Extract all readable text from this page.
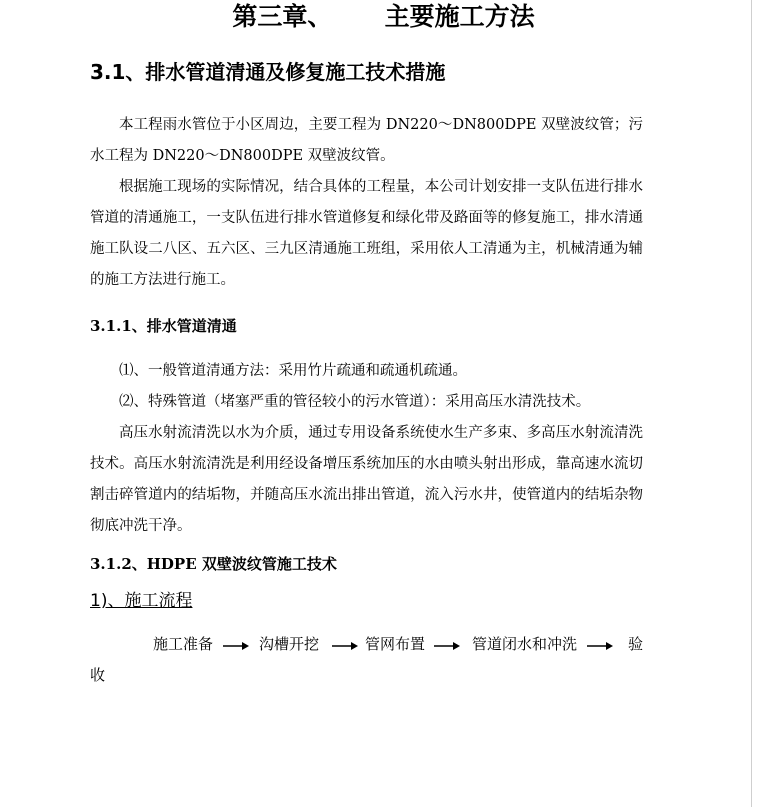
第三章、      主要施工方法
3.1、排水管道清通及修复施工技术措施
本工程雨水管位于小区周边，主要工程为 DN220～DN800DPE 双壁波纹管；污水工程为 DN220～DN800DPE 双壁波纹管。
根据施工现场的实际情况，结合具体的工程量，本公司计划安排一支队伍进行排水管道的清通施工，一支队伍进行排水管道修复和绿化带及路面等的修复施工，排水清通施工队设二八区、五六区、三九区清通施工班组，采用依人工清通为主，机械清通为辅的施工方法进行施工。
3.1.1、排水管道清通
⑴、一般管道清通方法：采用竹片疏通和疏通机疏通。
⑵、特殊管道（堵塞严重的管径较小的污水管道）：采用高压水清洗技术。
高压水射流清洗以水为介质，通过专用设备系统使水生产多束、多高压水射流清洗技术。高压水射流清洗是利用经设备增压系统加压的水由喷头射出形成，靠高速水流切割击碎管道内的结垢物，并随高压水流出排出管道，流入污水井，使管道内的结垢杂物彻底冲洗干净。
3.1.2、HDPE 双壁波纹管施工技术
1)、施工流程
施工准备	沟槽开挖	管网布置	管道闭水和冲洗	验
收
